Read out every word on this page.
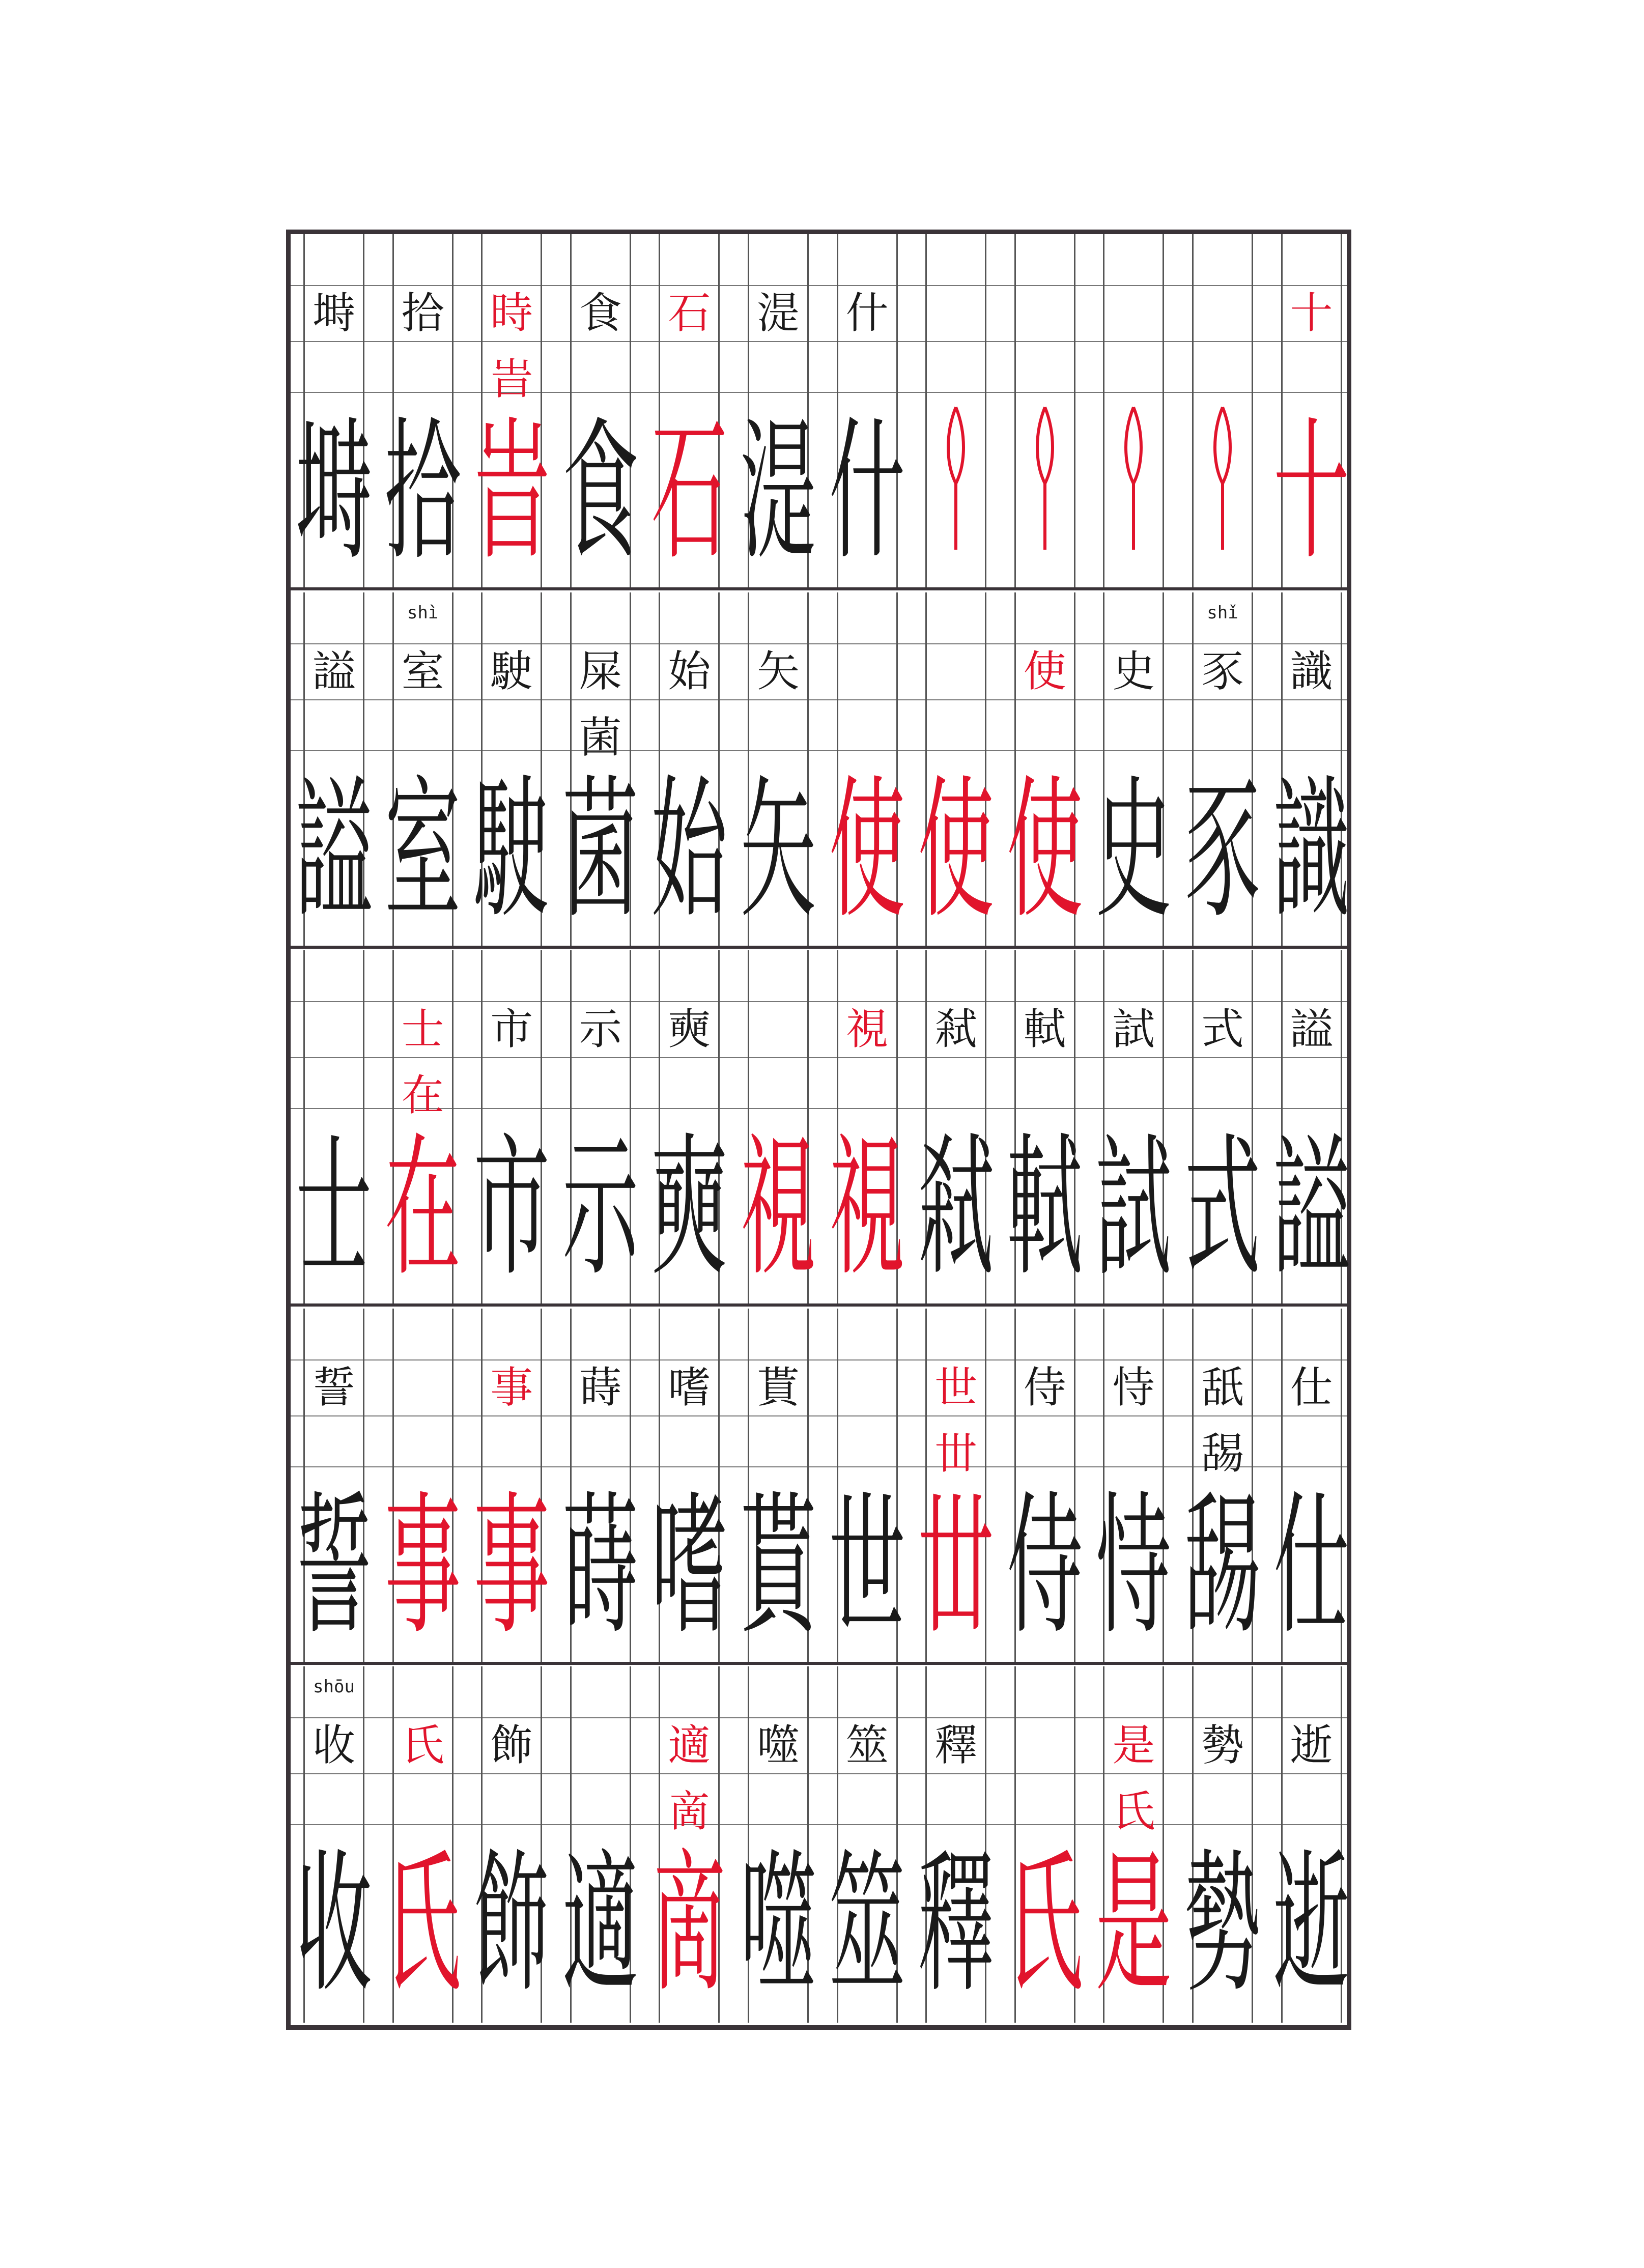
塒
塒
拾
拾
時
旹
旹
食
食
石
石
湜
湜
什
什
十
十
謚
謚
shì
室
室
駛
駛
屎
菌
菌
始
始
矢
矢 使 使
使
使
史
史
shǐ
豕
豕
識
識
士
士
在
在
市
市
示
示
奭
奭 視
視
視
弒
弒
軾
軾
試
試
式
式
謚
謚
誓
誓 事
事
事
蒔
蒔
嗜
嗜
貰
貰 世
世
丗
丗
侍
侍
恃
恃
舐
舓
舓
仕
仕
shōu
收
收
氏
氏
飾
飾 適
適
啇
啇
噬
噬
筮
筮
釋
釋 氏
是
氏
是
勢
勢
逝
逝
